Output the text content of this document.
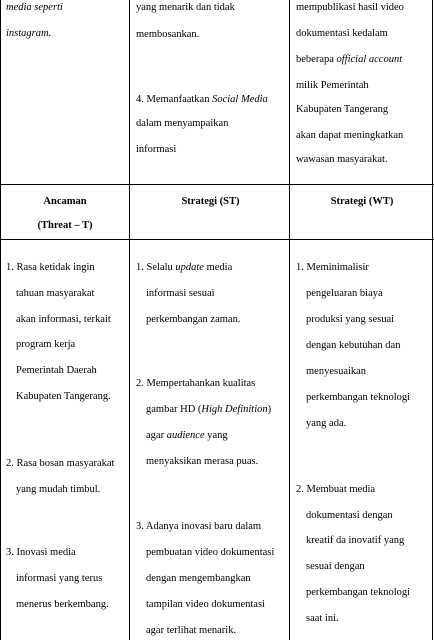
media seperti
instagram.
yang menarik dan tidak
membosankan.
4. Memanfaatkan Social Media
dalam menyampaikan
informasi
mempublikasi hasil video
dokumentasi kedalam
beberapa official account
milik Pemerintah
Kabupaten Tangerang
akan dapat meningkatkan
wawasan masyarakat.
Ancaman
(Threat – T)
Strategi (ST)	Strategi (WT)
1. Rasa ketidak ingin
tahuan masyarakat
akan informasi, terkait
program kerja
Pemerintah Daerah
Kabupaten Tangerang.
2. Rasa bosan masyarakat
yang mudah timbul.
3. Inovasi media
informasi yang terus
menerus berkembang.
1. Selalu update media
informasi sesuai
perkembangan zaman.
2. Mempertahankan kualitas
gambar HD (High Definition)
agar audience yang
menyaksikan merasa puas.
3. Adanya inovasi baru dalam
pembuatan video dokumentasi
dengan mengembangkan
tampilan video dokumentasi
agar terlihat menarik.
1. Meminimalisir
pengeluaran biaya
produksi yang sesuai
dengan kebutuhan dan
menyesuaikan
perkembangan teknologi
yang ada.
2. Membuat media
dokumentasi dengan
kreatif da inovatif yang
sesuai dengan
perkembangan teknologi
saat ini.
